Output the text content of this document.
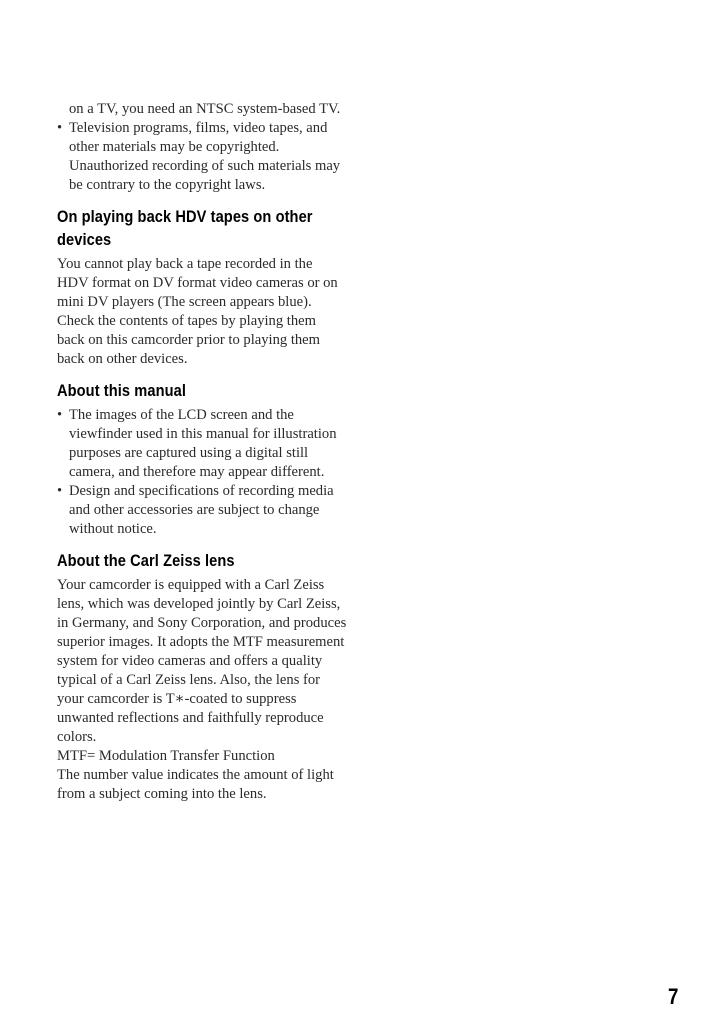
on a TV, you need an NTSC system-based TV.
• Television programs, films, video tapes, and other materials may be copyrighted. Unauthorized recording of such materials may be contrary to the copyright laws.
On playing back HDV tapes on other devices

You cannot play back a tape recorded in the HDV format on DV format video cameras or on mini DV players (The screen appears blue).

Check the contents of tapes by playing them back on this camcorder prior to playing them back on other devices.

About this manual
• The images of the LCD screen and the viewfinder used in this manual for illustration purposes are captured using a digital still camera, and therefore may appear different.
• Design and specifications of recording media and other accessories are subject to change without notice.
About the Carl Zeiss lens

Your camcorder is equipped with a Carl Zeiss lens, which was developed jointly by Carl Zeiss, in Germany, and Sony Corporation, and produces superior images. It adopts the MTF measurement system for video cameras and offers a quality typical of a Carl Zeiss lens. Also, the lens for your camcorder is T∗-coated to suppress unwanted reflections and faithfully reproduce colors.

MTF= Modulation Transfer Function

The number value indicates the amount of light from a subject coming into the lens.

7
